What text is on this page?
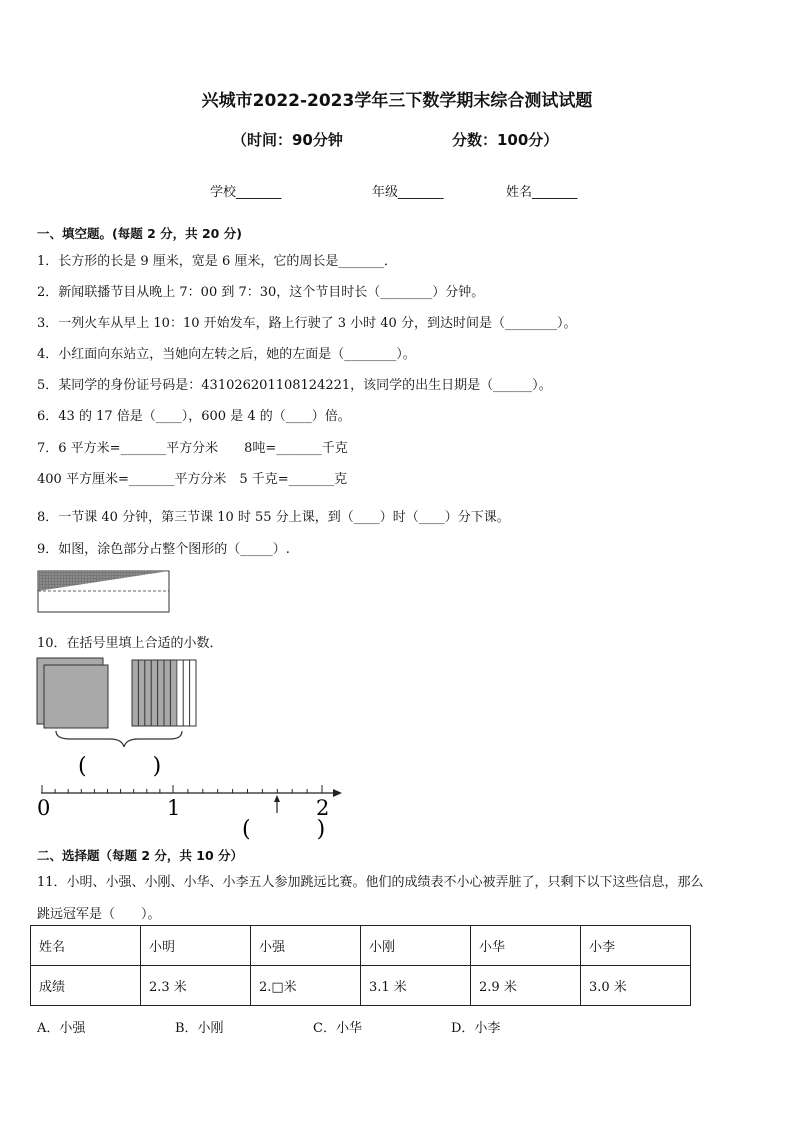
兴城市2022-2023学年三下数学期末综合测试试题
（时间：90分钟	分数：100分）
学校_______	年级_______	姓名_______
一、填空题。(每题 2 分，共 20 分)
1．长方形的长是 9 厘米，宽是 6 厘米，它的周长是_______．
2．新闻联播节目从晚上 7：00 到 7：30，这个节目时长（________）分钟。
3．一列火车从早上 10：10 开始发车，路上行驶了 3 小时 40 分，到达时间是（________）。
4．小红面向东站立，当她向左转之后，她的左面是（________）。
5．某同学的身份证号码是：431026201108124221，该同学的出生日期是（______）。
6．43 的 17 倍是（____），600 是 4 的（____）倍。
7．6 平方米=_______平方分米　　8吨=_______千克
400 平方厘米=_______平方分米　5 千克=_______克
8．一节课 40 分钟，第三节课 10 时 55 分上课，到（____）时（____）分下课。
9．如图，涂色部分占整个图形的（_____）.
10．在括号里填上合适的小数．
(　　　)
0	1	2
(　　　)
二、选择题（每题 2 分，共 10 分）
11．小明、小强、小刚、小华、小李五人参加跳远比赛。他们的成绩表不小心被弄脏了，只剩下以下这些信息，那么
跳远冠军是（　　）。
姓名	小明	小强	小刚	小华	小李
成绩	2.3 米	2.□米	3.1 米	2.9 米	3.0 米
A．小强	B．小刚	C．小华	D．小李
